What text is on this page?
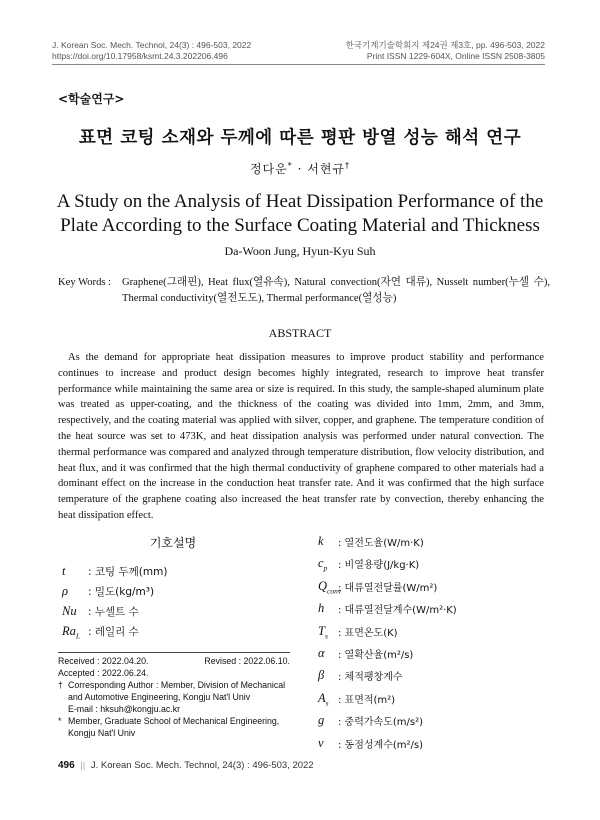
J. Korean Soc. Mech. Technol, 24(3) : 496-503, 2022
https://doi.org/10.17958/ksmt.24.3.202206.496
한국기계기술학회지 제24권 제3호, pp. 496-503, 2022
Print ISSN 1229-604X, Online ISSN 2508-3805
<학술연구>
표면 코팅 소재와 두께에 따른 평판 방열 성능 해석 연구
정다운* · 서현규†
A Study on the Analysis of Heat Dissipation Performance of the Plate According to the Surface Coating Material and Thickness
Da-Woon Jung, Hyun-Kyu Suh
Key Words : Graphene(그래핀), Heat flux(열유속), Natural convection(자연 대류), Nusselt number(누셀 수), Thermal conductivity(열전도도), Thermal performance(열성능)
ABSTRACT
As the demand for appropriate heat dissipation measures to improve product stability and performance continues to increase and product design becomes highly integrated, research to improve heat transfer performance while maintaining the same area or size is required. In this study, the sample-shaped aluminum plate was treated as upper-coating, and the thickness of the coating was divided into 1mm, 2mm, and 3mm, respectively, and the coating material was applied with silver, copper, and graphene. The temperature condition of the heat source was set to 473K, and heat dissipation analysis was performed under natural convection. The thermal performance was compared and analyzed through temperature distribution, flow velocity distribution, and heat flux, and it was confirmed that the high thermal conductivity of graphene compared to other materials had a dominant effect on the increase in the conduction heat transfer rate. And it was confirmed that the high surface temperature of the graphene coating also increased the heat transfer rate by convection, thereby enhancing the heat dissipation effect.
기호설명
t : 코팅 두께(mm)
ρ : 밀도(kg/m³)
Nu : 누셀트 수
$Ra_L$ : 레일리 수
k : 열전도율(W/m·K)
$c_p$ : 비열용량(J/kg·K)
$Q_{conv}$
: 대류열전달률(W/m²)
h : 대류열전달계수(W/m²·K)
$T_s$ : 표면온도(K)
α : 열확산율(m²/s)
β : 체적팽창계수
$A_s$ : 표면적(m²)
g : 중력가속도(m/s²)
ν : 동점성계수(m²/s)
Received : 2022.04.20.	Revised : 2022.06.10.
Accepted : 2022.06.24.
† Corresponding Author : Member, Division of Mechanical and Automotive Engineering, Kongju Nat'l Univ
E-mail : hksuh@kongju.ac.kr
* Member, Graduate School of Mechanical Engineering, Kongju Nat'l Univ
496 || J. Korean Soc. Mech. Technol, 24(3) : 496-503, 2022
